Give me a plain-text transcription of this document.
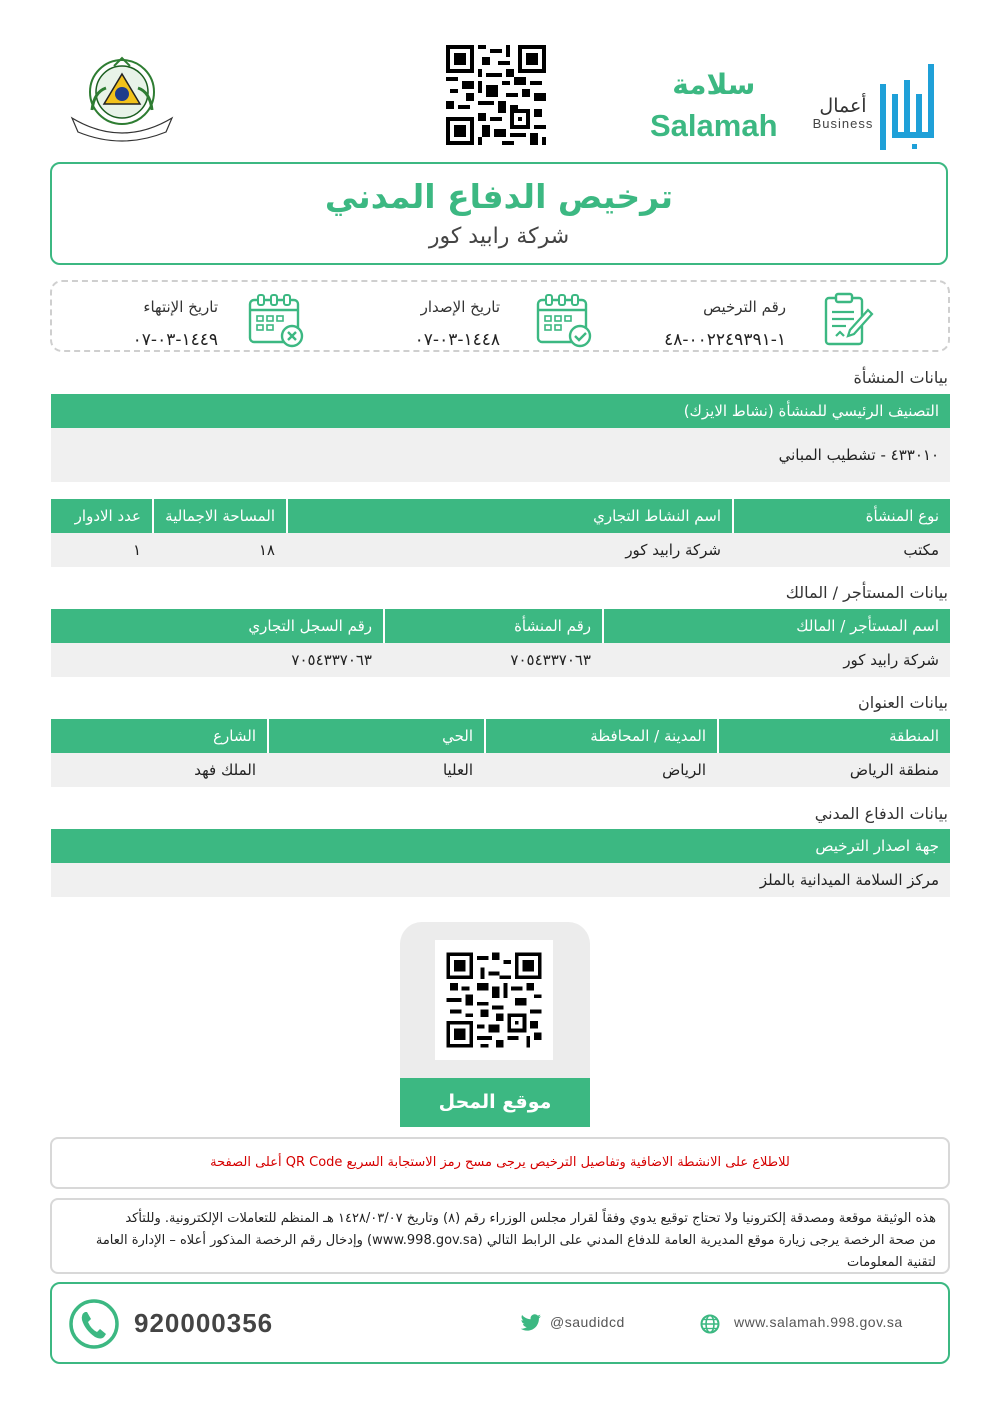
سلامة
Salamah
أعمال
Business
ترخيص الدفاع المدني
شركة رابيد كور
رقم الترخيص
١-٠٠٢٢٤٩٣٩١-٤٨
تاريخ الإصدار
١٤٤٨-٠٣-٠٧
تاريخ الإنتهاء
١٤٤٩-٠٣-٠٧
بيانات المنشأة
التصنيف الرئيسي للمنشأة (نشاط الايزك)
٤٣٣٠١٠ - تشطيب المباني
نوع المنشأة
اسم النشاط التجاري
المساحة الاجمالية
عدد الادوار
مكتب
شركة رابيد كور
١٨
١
بيانات المستأجر / المالك
اسم المستأجر / المالك
رقم المنشأة
رقم السجل التجاري
شركة رابيد كور
٧٠٥٤٣٣٧٠٦٣
٧٠٥٤٣٣٧٠٦٣
بيانات العنوان
المنطقة
المدينة / المحافظة
الحي
الشارع
منطقة الرياض
الرياض
العليا
الملك فهد
بيانات الدفاع المدني
جهة اصدار الترخيص
مركز السلامة الميدانية بالملز
موقع المحل
للاطلاع على الانشطة الاضافية وتفاصيل الترخيص يرجى مسح رمز الاستجابة السريع QR Code أعلى الصفحة
هذه الوثيقة موقعة ومصدقة إلكترونيا ولا تحتاج توقيع يدوي وفقاً لقرار مجلس الوزراء رقم (٨) وتاريخ ١٤٢٨/٠٣/٠٧ هـ المنظم للتعاملات الإلكترونية. وللتأكد
من صحة الرخصة يرجى زيارة موقع المديرية العامة للدفاع المدني على الرابط التالي (www.998.gov.sa) وإدخال رقم الرخصة المذكور أعلاه – الإدارة العامة
لتقنية المعلومات
920000356	@saudidcd	www.salamah.998.gov.sa
